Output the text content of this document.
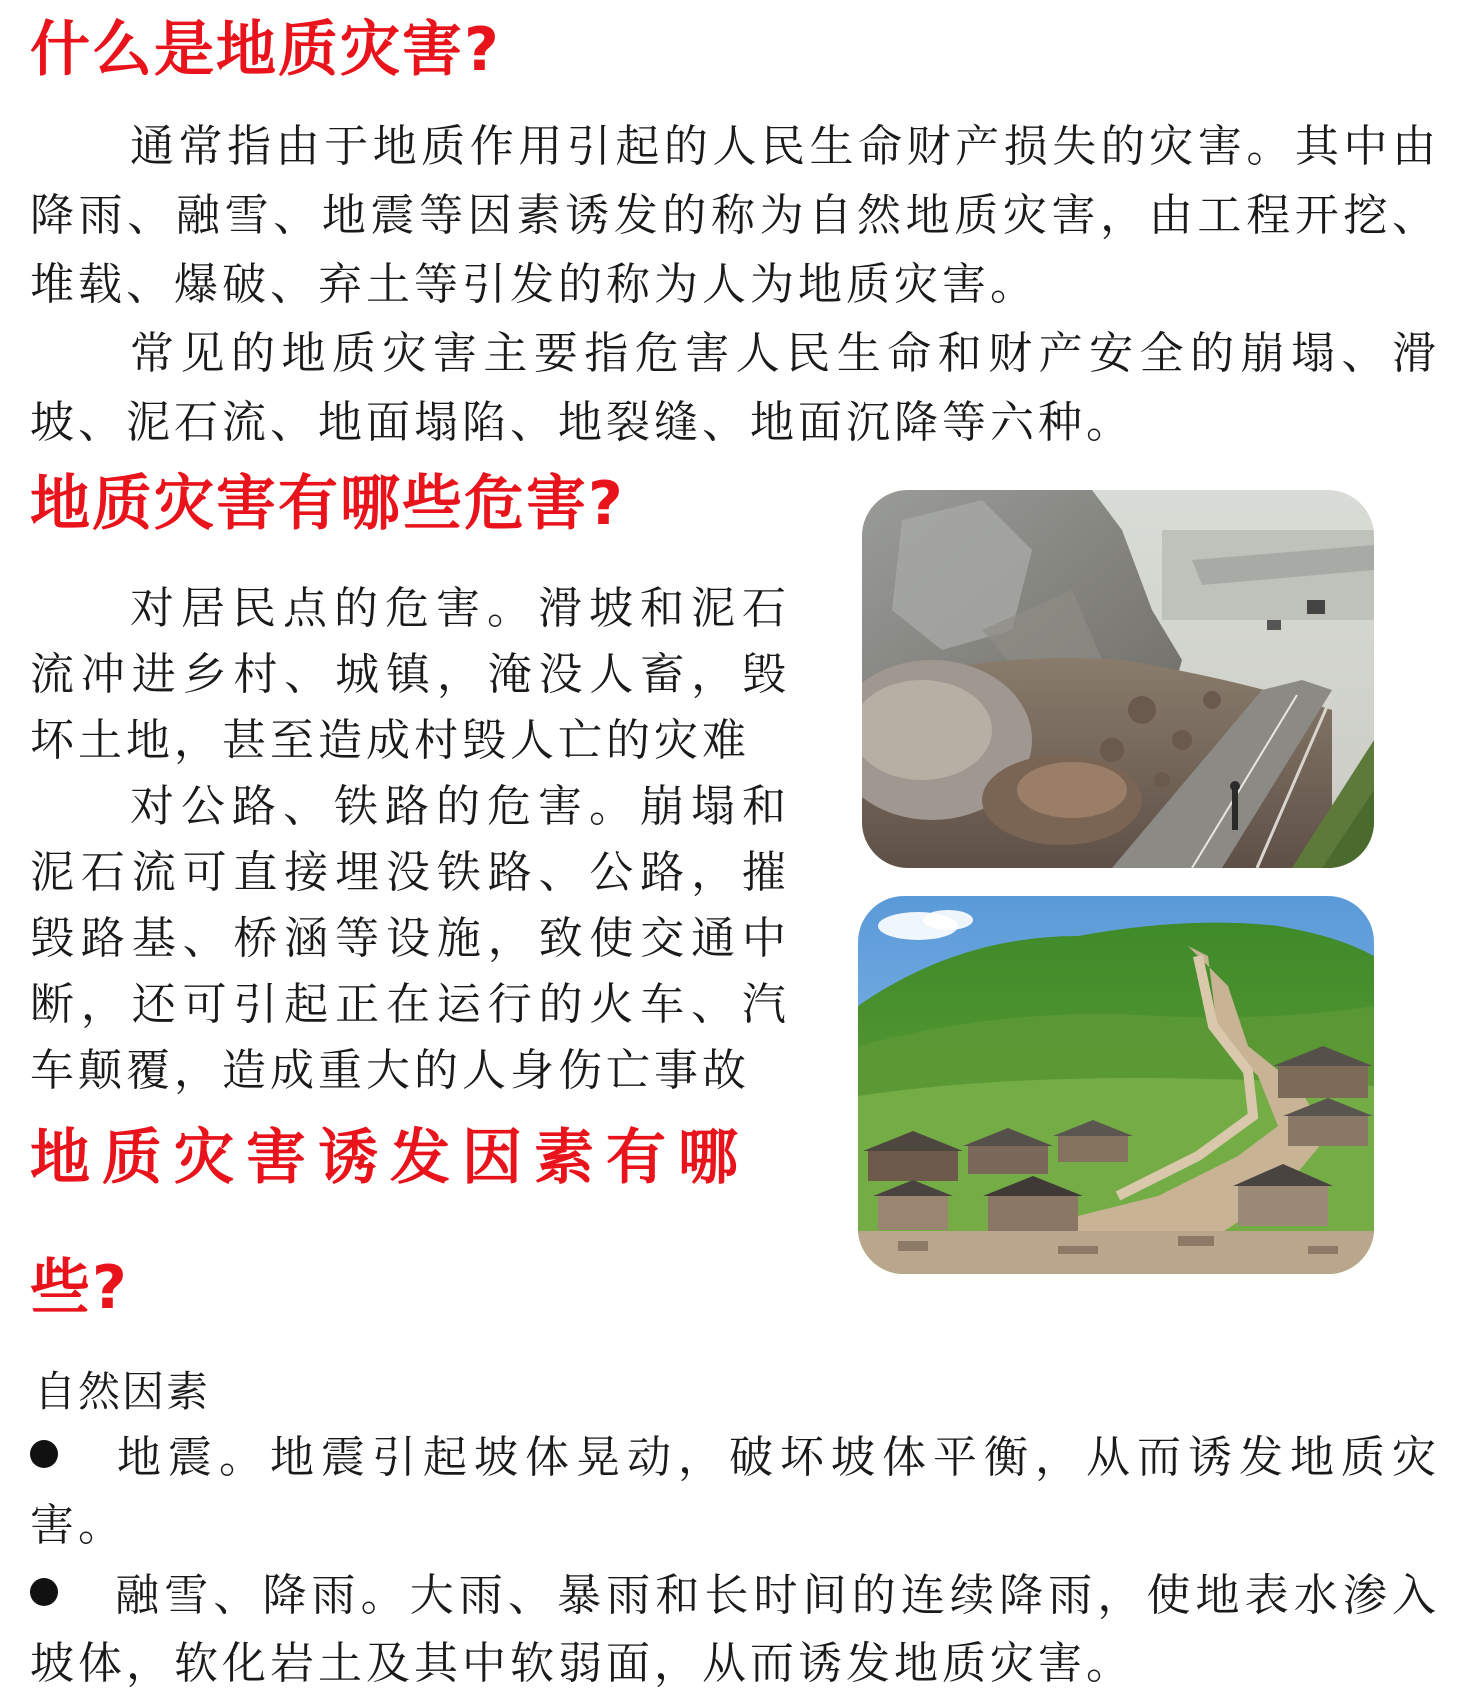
什么是地质灾害?

通常指由于地质作用引起的人民生命财产损失的灾害。其中由降雨、融雪、地震等因素诱发的称为自然地质灾害，由工程开挖、堆载、爆破、弃土等引发的称为人为地质灾害。

常见的地质灾害主要指危害人民生命和财产安全的崩塌、滑坡、泥石流、地面塌陷、地裂缝、地面沉降等六种。

地质灾害有哪些危害?

对居民点的危害。滑坡和泥石流冲进乡村、城镇，淹没人畜，毁坏土地，甚至造成村毁人亡的灾难

对公路、铁路的危害。崩塌和泥石流可直接埋没铁路、公路，摧毁路基、桥涵等设施，致使交通中断，还可引起正在运行的火车、汽车颠覆，造成重大的人身伤亡事故

地质灾害诱发因素有哪
些?

自然因素

地震。地震引起坡体晃动，破坏坡体平衡，从而诱发地质灾害。

融雪、降雨。大雨、暴雨和长时间的连续降雨，使地表水渗入坡体，软化岩土及其中软弱面，从而诱发地质灾害。
